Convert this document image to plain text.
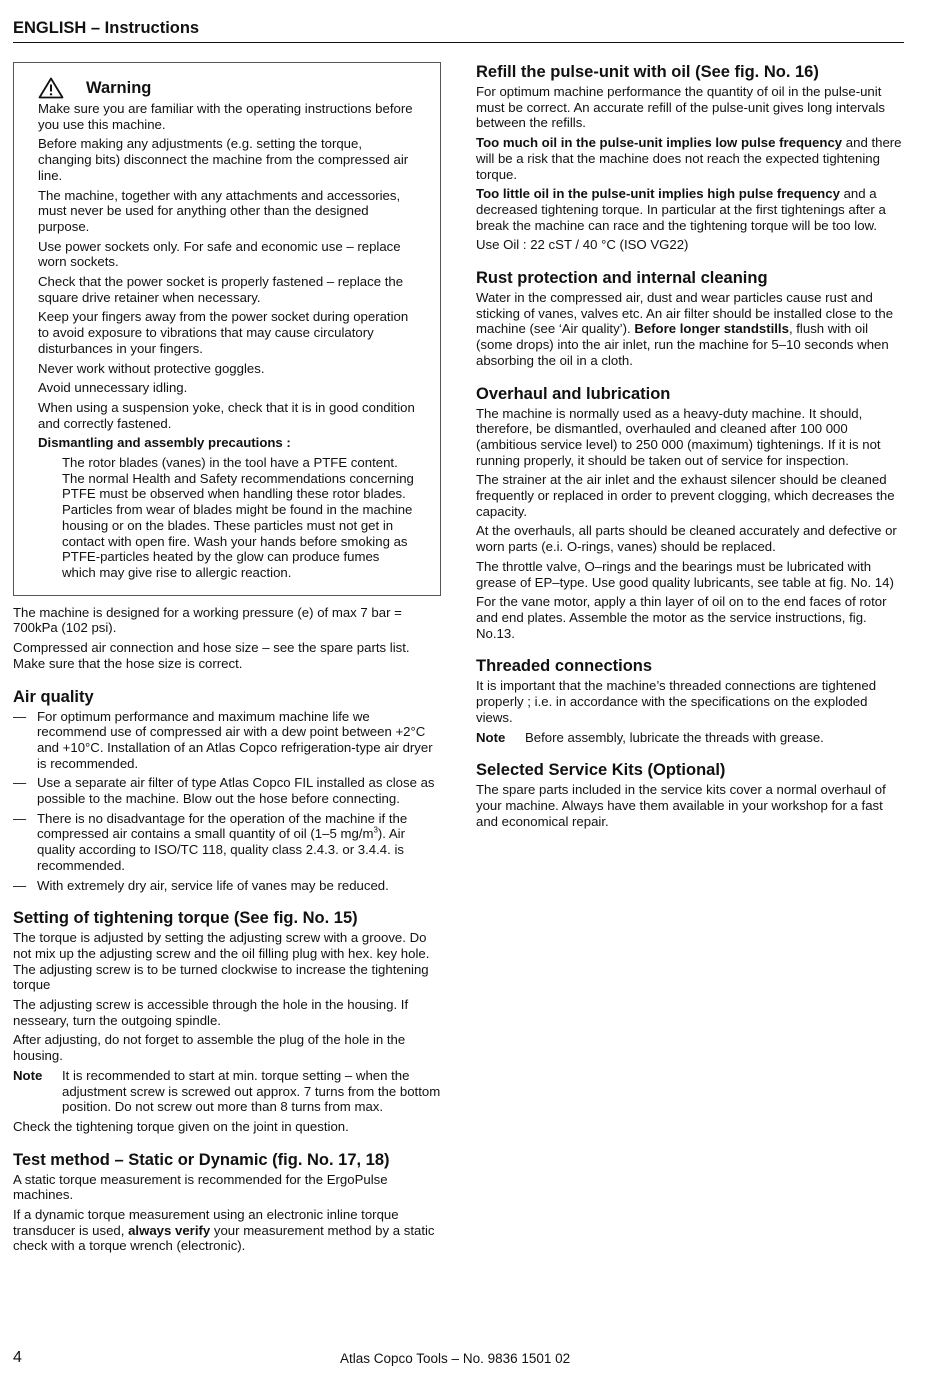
ENGLISH – Instructions
Warning

Make sure you are familiar with the operating instructions before you use this machine.

Before making any adjustments (e.g. setting the torque, changing bits) disconnect the machine from the compressed air line.

The machine, together with any attachments and accessories, must never be used for anything other than the designed purpose.

Use power sockets only. For safe and economic use – replace worn sockets.

Check that the power socket is properly fastened – replace the square drive retainer when necessary.

Keep your fingers away from the power socket during operation to avoid exposure to vibrations that may cause circulatory disturbances in your fingers.

Never work without protective goggles.

Avoid unnecessary idling.

When using a suspension yoke, check that it is in good condition and correctly fastened.

Dismantling and assembly precautions :

The rotor blades (vanes) in the tool have a PTFE content. The normal Health and Safety recommendations concerning PTFE must be observed when handling these rotor blades. Particles from wear of blades might be found in the machine housing or on the blades. These particles must not get in contact with open fire. Wash your hands before smoking as PTFE-particles heated by the glow can produce fumes which may give rise to allergic reaction.

The machine is designed for a working pressure (e) of max 7 bar = 700kPa (102 psi).

Compressed air connection and hose size – see the spare parts list. Make sure that the hose size is correct.

Air quality
— For optimum performance and maximum machine life we recommend use of compressed air with a dew point between +2°C and +10°C. Installation of an Atlas Copco refrigeration-type air dryer is recommended.
— Use a separate air filter of type Atlas Copco FIL installed as close as possible to the machine. Blow out the hose before connecting.
— There is no disadvantage for the operation of the machine if the compressed air contains a small quantity of oil (1–5 $mg/m^3$). Air quality according to ISO/TC 118, quality class 2.4.3. or 3.4.4. is recommended.
— With extremely dry air, service life of vanes may be reduced.
Setting of tightening torque (See fig. No. 15)

The torque is adjusted by setting the adjusting screw with a groove. Do not mix up the adjusting screw and the oil filling plug with hex. key hole. The adjusting screw is to be turned clockwise to increase the tightening torque

The adjusting screw is accessible through the hole in the housing. If nesseary, turn the outgoing spindle.

After adjusting, do not forget to assemble the plug of the hole in the housing.

Note	It is recommended to start at min. torque setting – when the adjustment screw is screwed out approx. 7 turns from the bottom position. Do not screw out more than 8 turns from max.

Check the tightening torque given on the joint in question.

Test method – Static or Dynamic (fig. No. 17, 18)

A static torque measurement is recommended for the ErgoPulse machines.

If a dynamic torque measurement using an electronic inline torque transducer is used, always verify your measurement method by a static check with a torque wrench (electronic).

Refill the pulse-unit with oil (See fig. No. 16)

For optimum machine performance the quantity of oil in the pulse-unit must be correct. An accurate refill of the pulse-unit gives long intervals between the refills.

Too much oil in the pulse-unit implies low pulse frequency and there will be a risk that the machine does not reach the expected tightening torque.

Too little oil in the pulse-unit implies high pulse frequency and a decreased tightening torque. In particular at the first tightenings after a break the machine can race and the tightening torque will be too low.

Use Oil : 22 cST / 40 °C (ISO VG22)

Rust protection and internal cleaning

Water in the compressed air, dust and wear particles cause rust and sticking of vanes, valves etc. An air filter should be installed close to the machine (see ‘Air quality’). Before longer standstills, flush with oil (some drops) into the air inlet, run the machine for 5–10 seconds when absorbing the oil in a cloth.

Overhaul and lubrication

The machine is normally used as a heavy-duty machine. It should, therefore, be dismantled, overhauled and cleaned after 100 000 (ambitious service level) to 250 000 (maximum) tightenings. If it is not running properly, it should be taken out of service for inspection.

The strainer at the air inlet and the exhaust silencer should be cleaned frequently or replaced in order to prevent clogging, which decreases the capacity.

At the overhauls, all parts should be cleaned accurately and defective or worn parts (e.i. O-rings, vanes) should be replaced.

The throttle valve, O–rings and the bearings must be lubricated with grease of EP–type. Use good quality lubricants, see table at fig. No. 14)

For the vane motor, apply a thin layer of oil on to the end faces of rotor and end plates. Assemble the motor as the service instructions, fig. No.13.

Threaded connections

It is important that the machine’s threaded connections are tightened properly ; i.e. in accordance with the specifications on the exploded views.

Note	Before assembly, lubricate the threads with grease.
Selected Service Kits (Optional)

The spare parts included in the service kits cover a normal overhaul of your machine. Always have them available in your workshop for a fast and economical repair.

4	Atlas Copco Tools – No. 9836 1501 02
